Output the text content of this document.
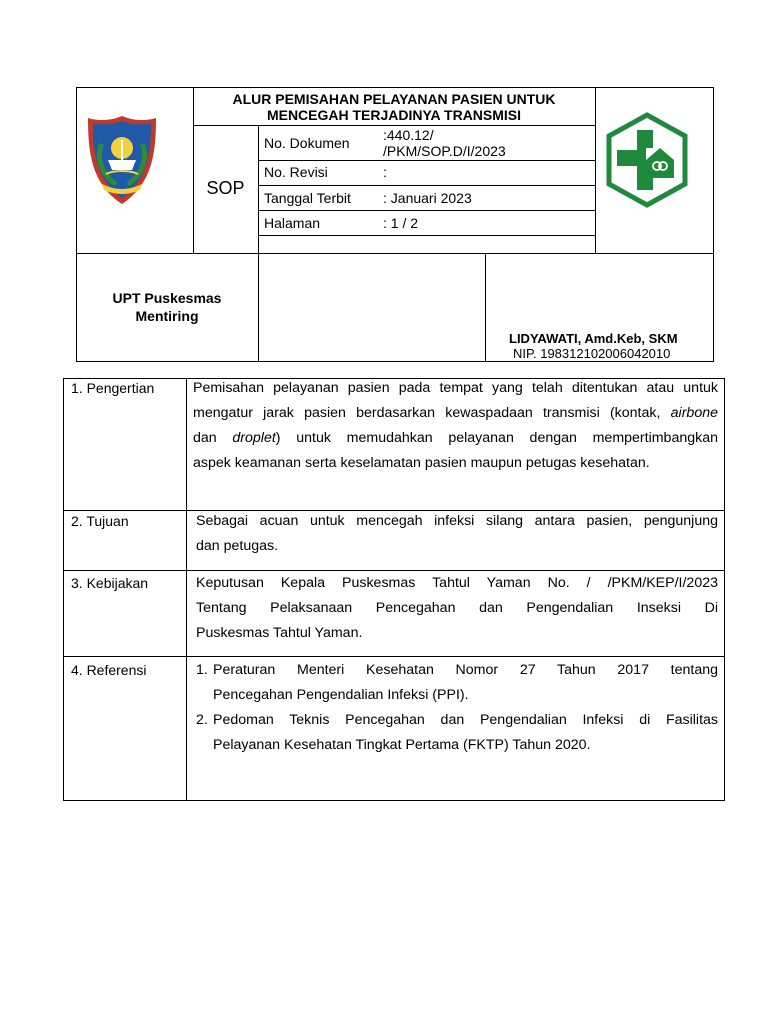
ALUR PEMISAHAN PELAYANAN PASIEN UNTUK
MENCEGAH TERJADINYA TRANSMISI
SOP
No. Dokumen :440.12/
/PKM/SOP.D/I/2023
No. Revisi	:
Tanggal Terbit : Januari 2023
Halaman	: 1 / 2
UPT Puskesmas
Mentiring
LIDYAWATI, Amd.Keb, SKM
NIP. 198312102006042010
1. Pengertian	Pemisahan pelayanan pasien pada tempat yang telah ditentukan atau untuk

mengatur jarak pasien berdasarkan kewaspadaan transmisi (kontak, airbone

dan droplet) untuk memudahkan pelayanan dengan mempertimbangkan

aspek keamanan serta keselamatan pasien maupun petugas kesehatan.

2. Tujuan	Sebagai acuan untuk mencegah infeksi silang antara pasien, pengunjung

dan petugas.

3. Kebijakan	Keputusan Kepala Puskesmas Tahtul Yaman No. / /PKM/KEP/I/2023

Tentang Pelaksanaan Pencegahan dan Pengendalian Inseksi Di

Puskesmas Tahtul Yaman.

4. Referensi	1. Peraturan Menteri Kesehatan Nomor 27 Tahun 2017 tentang

Pencegahan Pengendalian Infeksi (PPI).

2. Pedoman Teknis Pencegahan dan Pengendalian Infeksi di Fasilitas

Pelayanan Kesehatan Tingkat Pertama (FKTP) Tahun 2020.
